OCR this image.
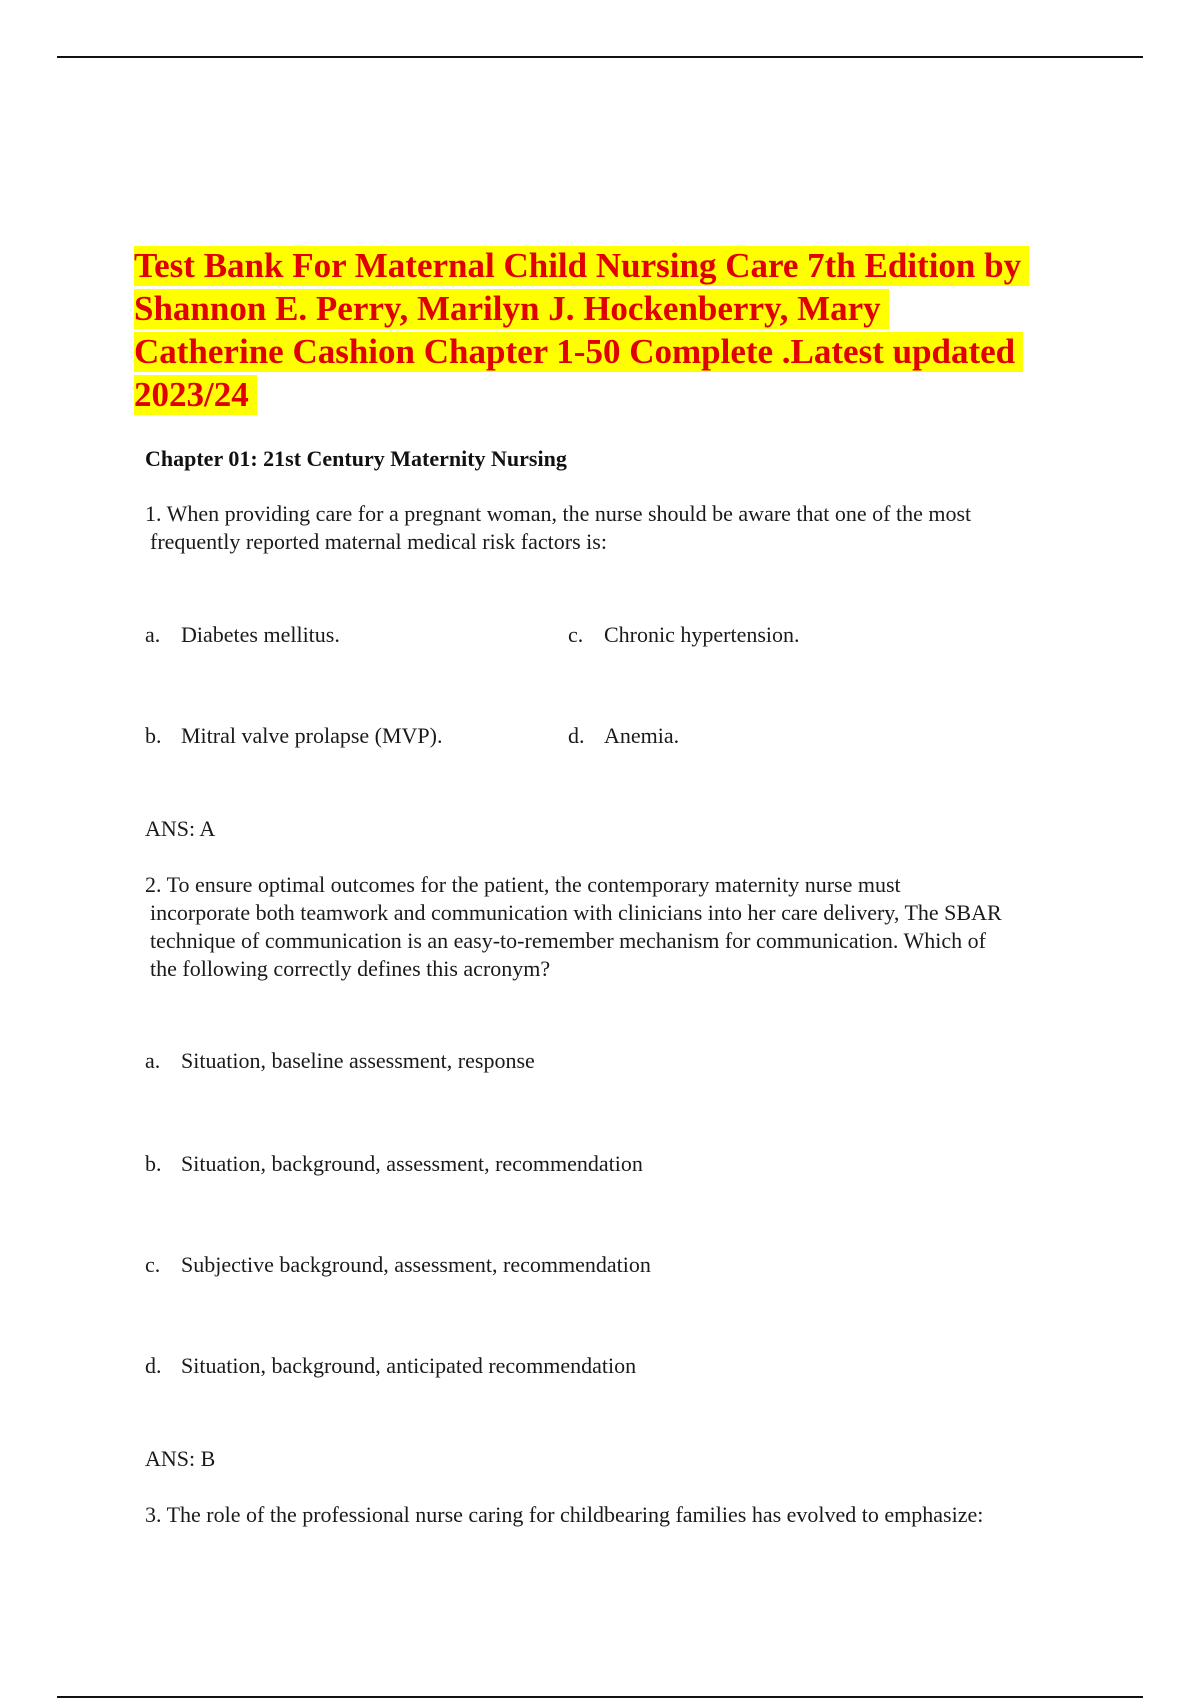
Test Bank For Maternal Child Nursing Care 7th Edition by
Shannon E. Perry, Marilyn J. Hockenberry, Mary
Catherine Cashion Chapter 1-50 Complete .Latest updated
2023/24
Chapter 01: 21st Century Maternity Nursing

1. When providing care for a pregnant woman, the nurse should be aware that one of the most
frequently reported maternal medical risk factors is:

a. Diabetes mellitus.	c. Chronic hypertension.
b. Mitral valve prolapse (MVP).	d. Anemia.
ANS: A

2. To ensure optimal outcomes for the patient, the contemporary maternity nurse must
incorporate both teamwork and communication with clinicians into her care delivery, The SBAR
technique of communication is an easy-to-remember mechanism for communication. Which of
the following correctly defines this acronym?

a. Situation, baseline assessment, response
b. Situation, background, assessment, recommendation
c. Subjective background, assessment, recommendation
d. Situation, background, anticipated recommendation
ANS: B

3. The role of the professional nurse caring for childbearing families has evolved to emphasize:
